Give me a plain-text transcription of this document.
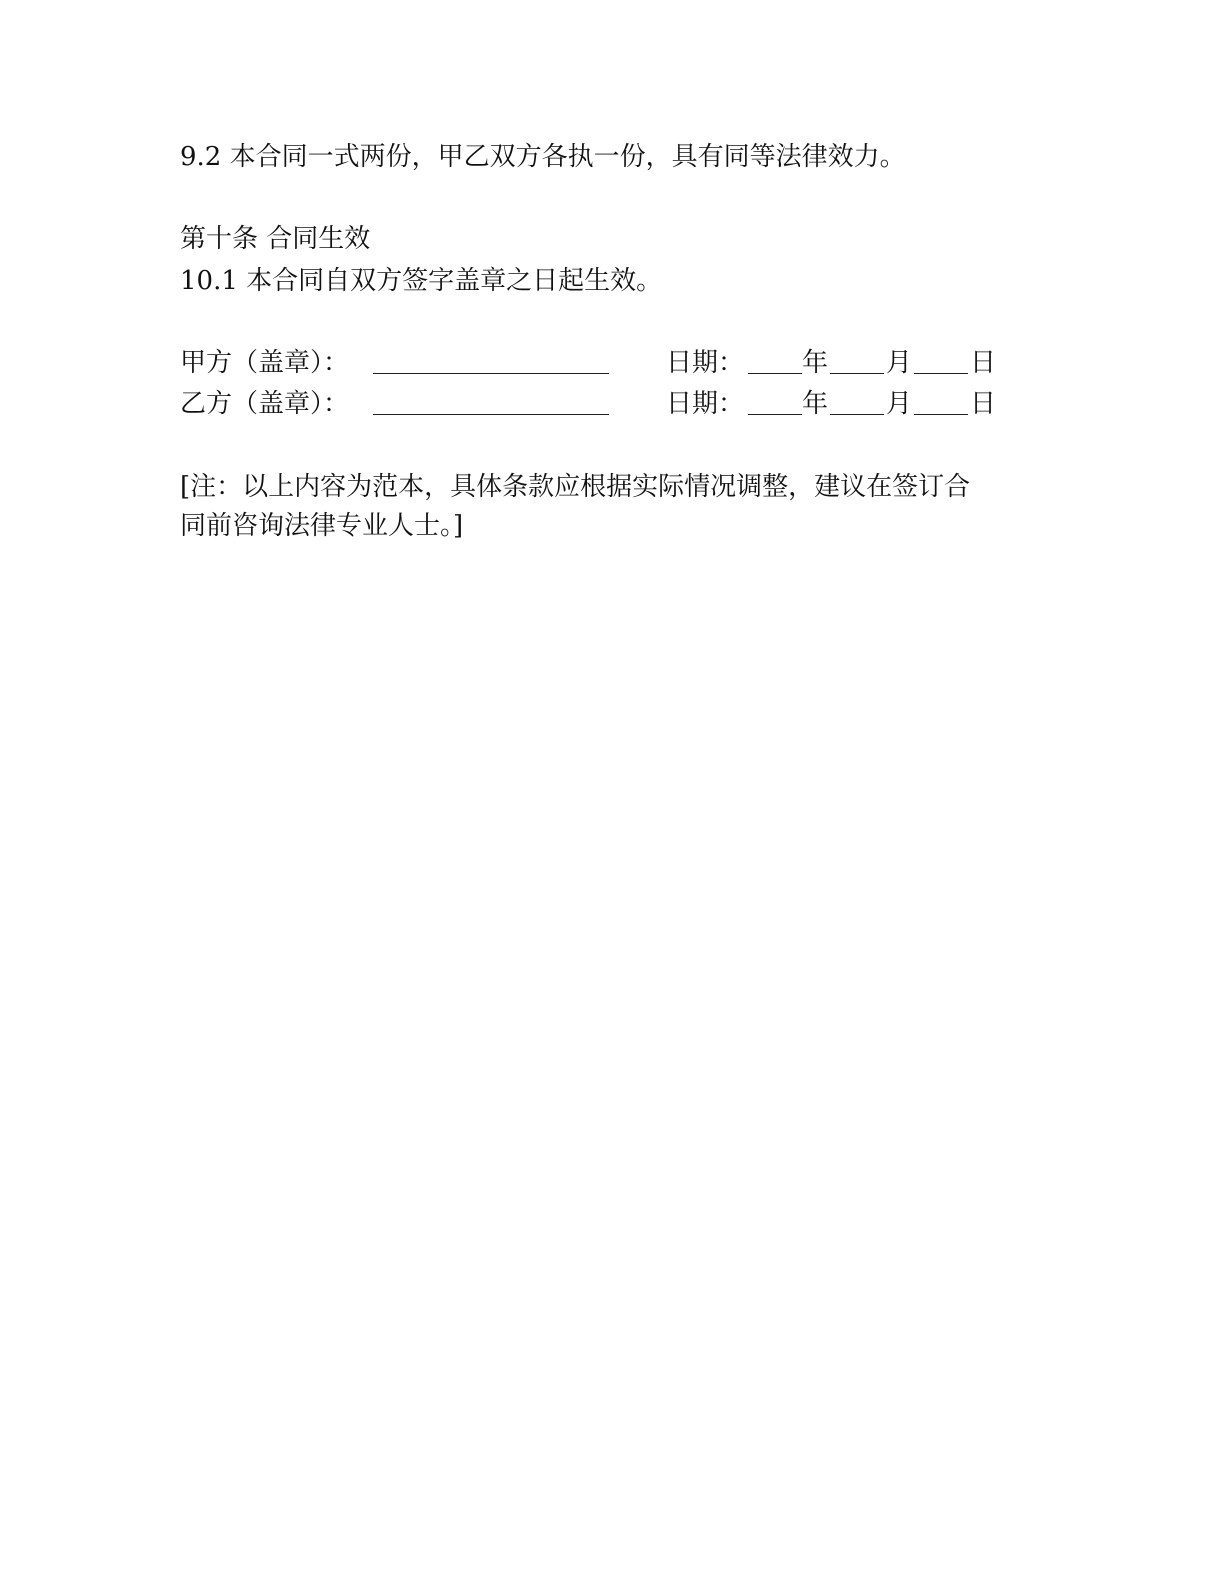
9.2 本合同一式两份，甲乙双方各执一份，具有同等法律效力。
第十条 合同生效
10.1 本合同自双方签字盖章之日起生效。
甲方（盖章）：	日期： 年 月 日
乙方（盖章）：	日期： 年 月 日
[注：以上内容为范本，具体条款应根据实际情况调整，建议在签订合
同前咨询法律专业人士。]
